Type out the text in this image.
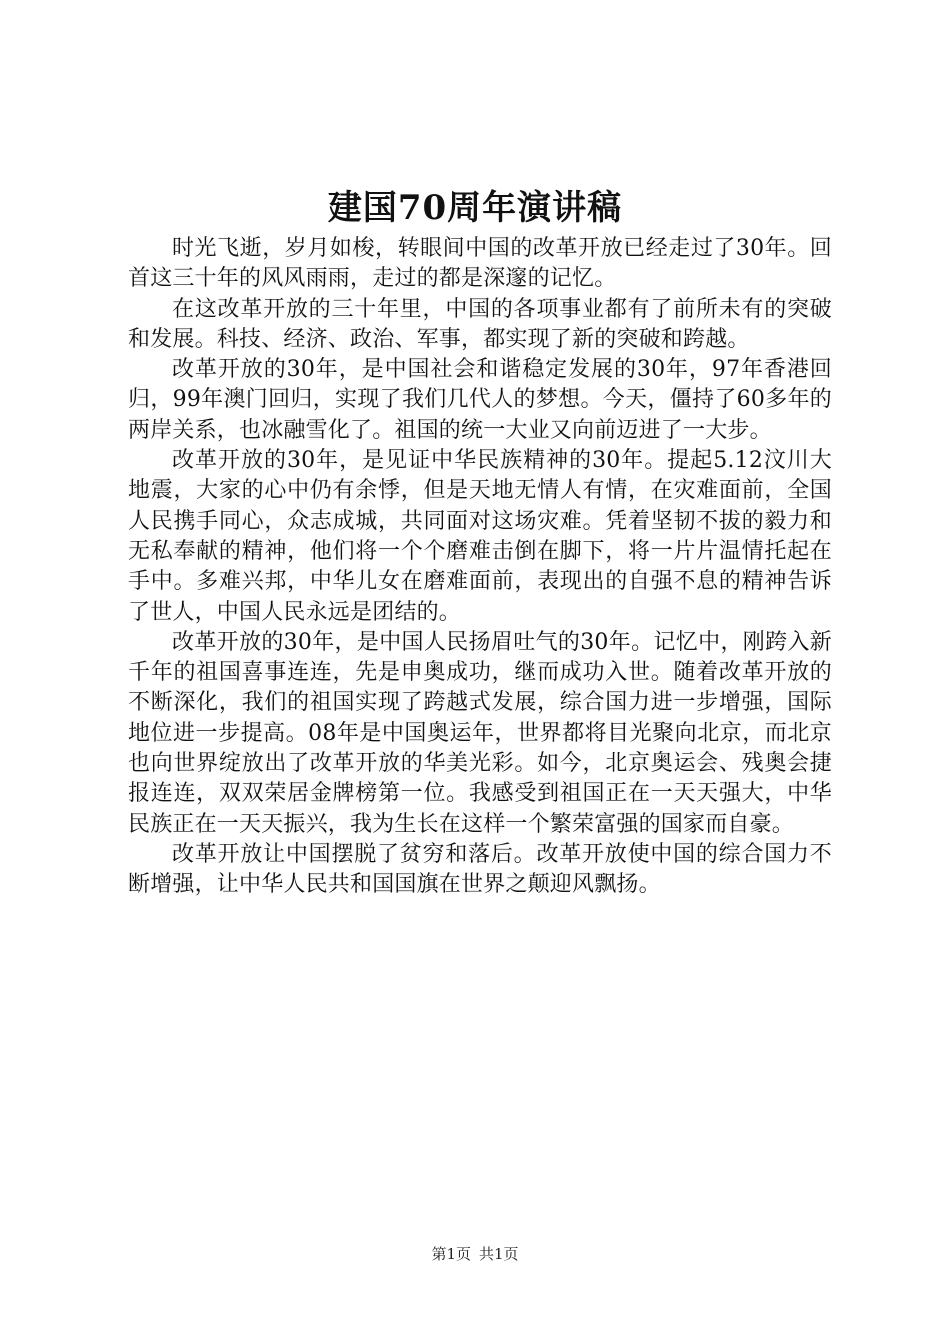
建国70周年演讲稿

时光飞逝，岁月如梭，转眼间中国的改革开放已经走过了30年。回首这三十年的风风雨雨，走过的都是深邃的记忆。

在这改革开放的三十年里，中国的各项事业都有了前所未有的突破和发展。科技、经济、政治、军事，都实现了新的突破和跨越。

改革开放的30年，是中国社会和谐稳定发展的30年，97年香港回归，99年澳门回归，实现了我们几代人的梦想。今天，僵持了60多年的两岸关系，也冰融雪化了。祖国的统一大业又向前迈进了一大步。

改革开放的30年，是见证中华民族精神的30年。提起5.12汶川大地震，大家的心中仍有余悸，但是天地无情人有情，在灾难面前，全国人民携手同心，众志成城，共同面对这场灾难。凭着坚韧不拔的毅力和无私奉献的精神，他们将一个个磨难击倒在脚下，将一片片温情托起在手中。多难兴邦，中华儿女在磨难面前，表现出的自强不息的精神告诉了世人，中国人民永远是团结的。

改革开放的30年，是中国人民扬眉吐气的30年。记忆中，刚跨入新千年的祖国喜事连连，先是申奥成功，继而成功入世。随着改革开放的不断深化，我们的祖国实现了跨越式发展，综合国力进一步增强，国际地位进一步提高。08年是中国奥运年，世界都将目光聚向北京，而北京也向世界绽放出了改革开放的华美光彩。如今，北京奥运会、残奥会捷报连连，双双荣居金牌榜第一位。我感受到祖国正在一天天强大，中华民族正在一天天振兴，我为生长在这样一个繁荣富强的国家而自豪。

改革开放让中国摆脱了贫穷和落后。改革开放使中国的综合国力不断增强，让中华人民共和国国旗在世界之颠迎风飘扬。

第1页 共1页
